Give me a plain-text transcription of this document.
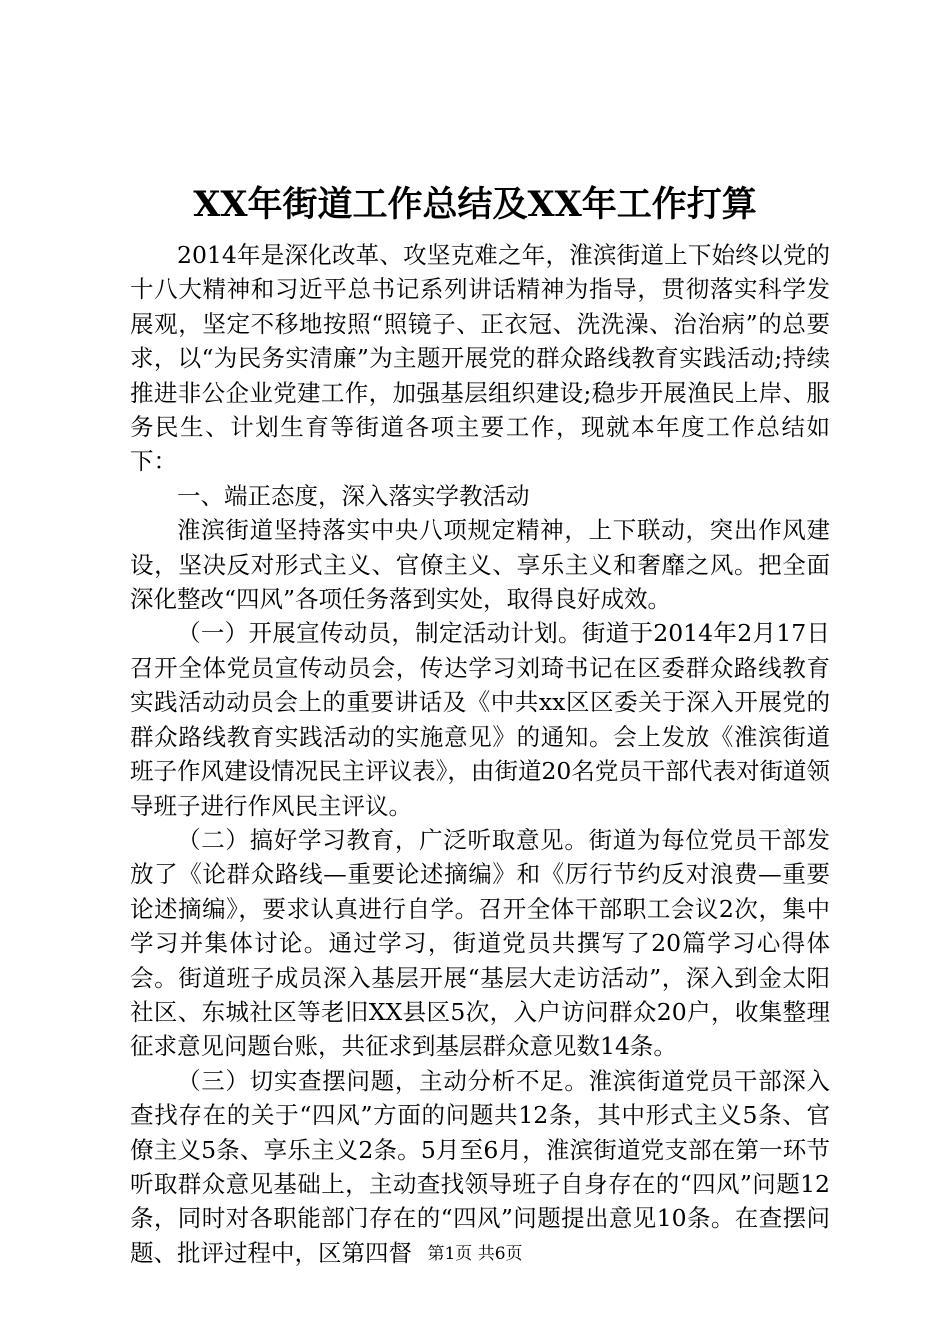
XX年街道工作总结及XX年工作打算

2014年是深化改革、攻坚克难之年，淮滨街道上下始终以党的十八大精神和习近平总书记系列讲话精神为指导，贯彻落实科学发展观，坚定不移地按照“照镜子、正衣冠、洗洗澡、治治病”的总要求，以“为民务实清廉”为主题开展党的群众路线教育实践活动;持续推进非公企业党建工作，加强基层组织建设;稳步开展渔民上岸、服务民生、计划生育等街道各项主要工作，现就本年度工作总结如下：

一、端正态度，深入落实学教活动

淮滨街道坚持落实中央八项规定精神，上下联动，突出作风建设，坚决反对形式主义、官僚主义、享乐主义和奢靡之风。把全面深化整改“四风”各项任务落到实处，取得良好成效。

（一）开展宣传动员，制定活动计划。街道于2014年2月17日召开全体党员宣传动员会，传达学习刘琦书记在区委群众路线教育实践活动动员会上的重要讲话及《中共xx区区委关于深入开展党的群众路线教育实践活动的实施意见》的通知。会上发放《淮滨街道班子作风建设情况民主评议表》，由街道20名党员干部代表对街道领导班子进行作风民主评议。

（二）搞好学习教育，广泛听取意见。街道为每位党员干部发放了《论群众路线—重要论述摘编》和《厉行节约反对浪费—重要论述摘编》，要求认真进行自学。召开全体干部职工会议2次，集中学习并集体讨论。通过学习，街道党员共撰写了20篇学习心得体会。街道班子成员深入基层开展“基层大走访活动”，深入到金太阳社区、东城社区等老旧XX县区5次，入户访问群众20户，收集整理征求意见问题台账，共征求到基层群众意见数14条。

（三）切实查摆问题，主动分析不足。淮滨街道党员干部深入查找存在的关于“四风”方面的问题共12条，其中形式主义5条、官僚主义5条、享乐主义2条。5月至6月，淮滨街道党支部在第一环节听取群众意见基础上，主动查找领导班子自身存在的“四风”问题12条，同时对各职能部门存在的“四风”问题提出意见10条。在查摆问题、批评过程中，区第四督 第1页 共6页
